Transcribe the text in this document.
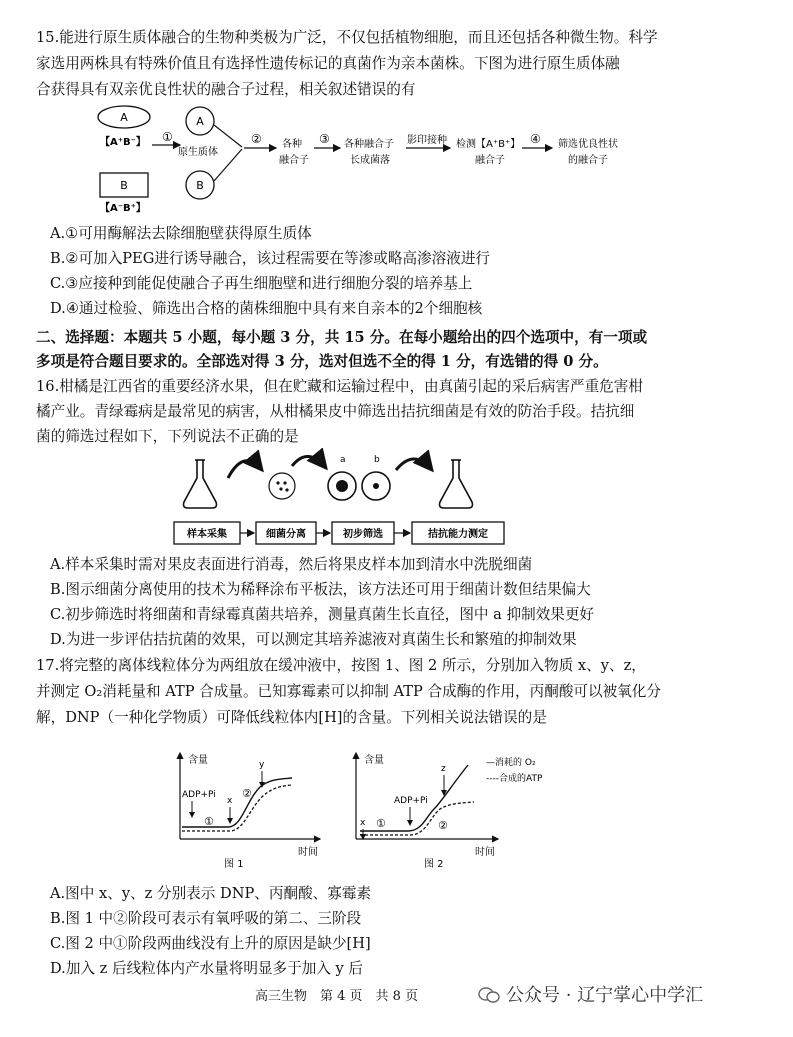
15.能进行原生质体融合的生物种类极为广泛，不仅包括植物细胞，而且还包括各种微生物。科学
家选用两株具有特殊价值且有选择性遗传标记的真菌作为亲本菌株。下图为进行原生质体融
合获得具有双亲优良性状的融合子过程，相关叙述错误的有
A
【A⁺B⁻】
B
【A⁻B⁺】
①
原生质体
A
B
② 各种
融合子
③ 各种融合子
长成菌落
影印接种 检测【A⁺B⁺】
融合子
④ 筛选优良性状
的融合子
A.①可用酶解法去除细胞壁获得原生质体
B.②可加入PEG进行诱导融合，该过程需要在等渗或略高渗溶液进行
C.③应接种到能促使融合子再生细胞壁和进行细胞分裂的培养基上
D.④通过检验、筛选出合格的菌株细胞中具有来自亲本的2个细胞核
二、选择题：本题共 5 小题，每小题 3 分，共 15 分。在每小题给出的四个选项中，有一项或
多项是符合题目要求的。全部选对得 3 分，选对但选不全的得 1 分，有选错的得 0 分。
16.柑橘是江西省的重要经济水果，但在贮藏和运输过程中，由真菌引起的采后病害严重危害柑
橘产业。青绿霉病是最常见的病害，从柑橘果皮中筛选出拮抗细菌是有效的防治手段。拮抗细
菌的筛选过程如下，下列说法不正确的是
a	b
样本采集	细菌分离	初步筛选	拮抗能力测定
A.样本采集时需对果皮表面进行消毒，然后将果皮样本加到清水中洗脱细菌
B.图示细菌分离使用的技术为稀释涂布平板法，该方法还可用于细菌计数但结果偏大
C.初步筛选时将细菌和青绿霉真菌共培养，测量真菌生长直径，图中 a 抑制效果更好
D.为进一步评估拮抗菌的效果，可以测定其培养滤液对真菌生长和繁殖的抑制效果
17.将完整的离体线粒体分为两组放在缓冲液中，按图 1、图 2 所示，分别加入物质 x、y、z，
并测定 O₂消耗量和 ATP 合成量。已知寡霉素可以抑制 ATP 合成酶的作用，丙酮酸可以被氧化分
解，DNP（一种化学物质）可降低线粒体内[H]的含量。下列相关说法错误的是
含量
时间
图 1
ADP+Pi
x
y
①
②
含量
时间
图 2
x
ADP+Pi
z
①	②
—消耗的 O₂
----合成的ATP
A.图中 x、y、z 分别表示 DNP、丙酮酸、寡霉素
B.图 1 中②阶段可表示有氧呼吸的第二、三阶段
C.图 2 中①阶段两曲线没有上升的原因是缺少[H]
D.加入 z 后线粒体内产水量将明显多于加入 y 后
高三生物　第 4 页　共 8 页	公众号 · 辽宁掌心中学汇
